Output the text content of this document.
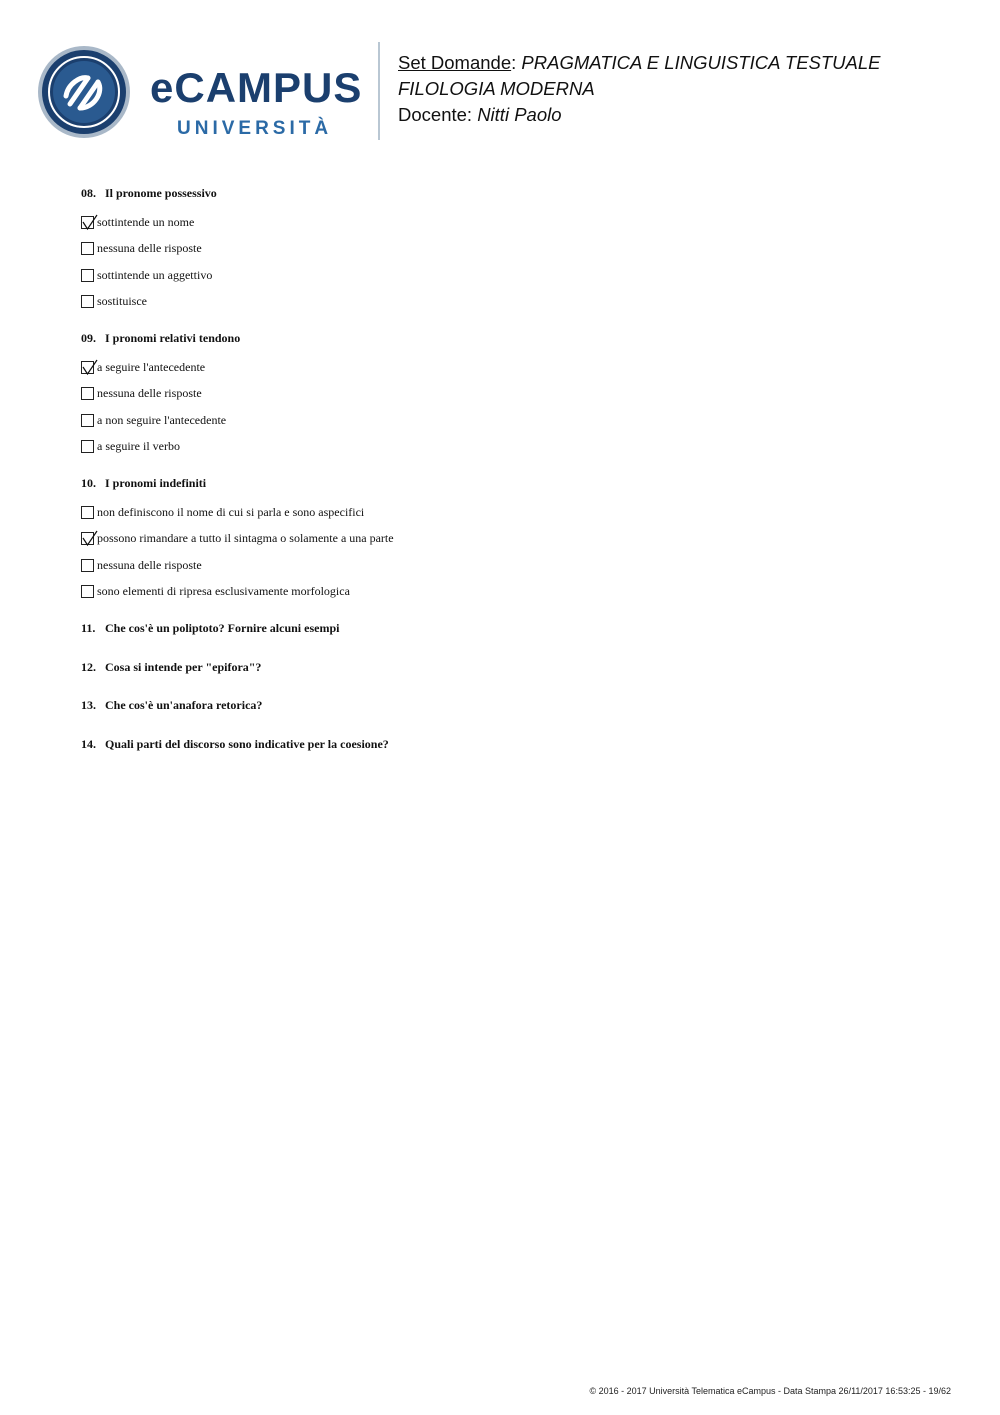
eCAMPUS
UNIVERSITÀ
Set Domande: PRAGMATICA E LINGUISTICA TESTUALE
FILOLOGIA MODERNA
Docente: Nitti Paolo
08. Il pronome possessivo
sottintende un nome
nessuna delle risposte
sottintende un aggettivo
sostituisce
09. I pronomi relativi tendono
a seguire l'antecedente
nessuna delle risposte
a non seguire l'antecedente
a seguire il verbo
10. I pronomi indefiniti
non definiscono il nome di cui si parla e sono aspecifici
possono rimandare a tutto il sintagma o solamente a una parte
nessuna delle risposte
sono elementi di ripresa esclusivamente morfologica
11. Che cos'è un poliptoto? Fornire alcuni esempi
12. Cosa si intende per "epifora"?
13. Che cos'è un'anafora retorica?
14. Quali parti del discorso sono indicative per la coesione?
© 2016 - 2017 Università Telematica eCampus - Data Stampa 26/11/2017 16:53:25 - 19/62
